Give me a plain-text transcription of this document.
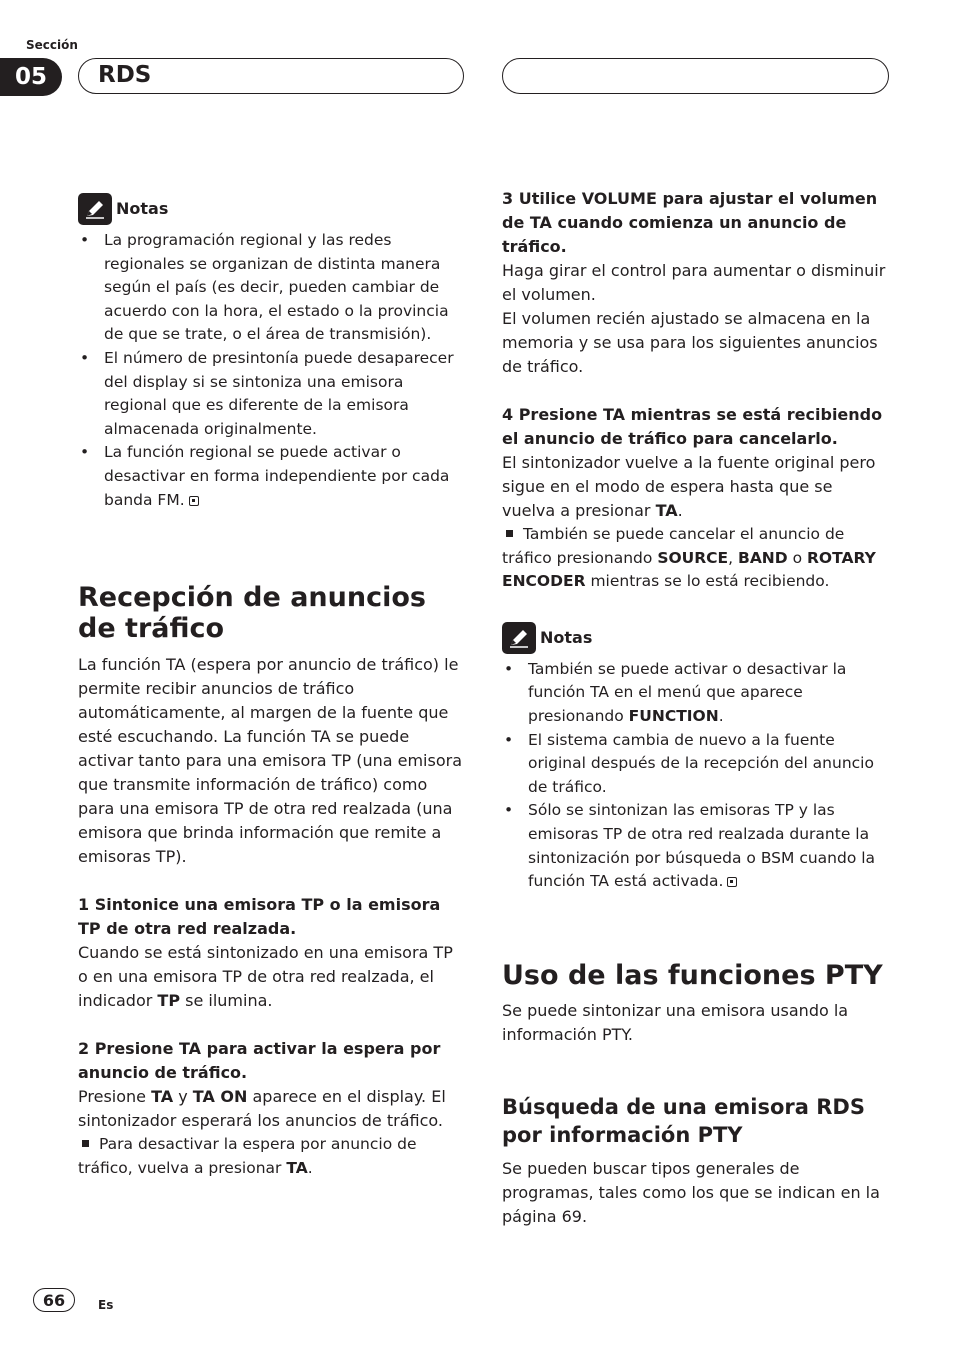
Sección
05	RDS
Notas
• La programación regional y las redes regionales se organizan de distinta manera según el país (es decir, pueden cambiar de acuerdo con la hora, el estado o la provincia de que se trate, o el área de transmisión).
• El número de presintonía puede desaparecer del display si se sintoniza una emisora regional que es diferente de la emisora almacenada originalmente.
• La función regional se puede activar o desactivar en forma independiente por cada banda FM.
Recepción de anuncios de tráfico

La función TA (espera por anuncio de tráfico) le permite recibir anuncios de tráfico automáticamente, al margen de la fuente que esté escuchando. La función TA se puede activar tanto para una emisora TP (una emisora que transmite información de tráfico) como para una emisora TP de otra red realzada (una emisora que brinda información que remite a emisoras TP).

1 Sintonice una emisora TP o la emisora TP de otra red realzada.

Cuando se está sintonizado en una emisora TP o en una emisora TP de otra red realzada, el indicador TP se ilumina.

2 Presione TA para activar la espera por anuncio de tráfico.

Presione TA y TA ON aparece en el display. El sintonizador esperará los anuncios de tráfico.

Para desactivar la espera por anuncio de tráfico, vuelva a presionar TA.

3 Utilice VOLUME para ajustar el volumen de TA cuando comienza un anuncio de tráfico.

Haga girar el control para aumentar o disminuir el volumen.

El volumen recién ajustado se almacena en la memoria y se usa para los siguientes anuncios de tráfico.

4 Presione TA mientras se está recibiendo el anuncio de tráfico para cancelarlo.

El sintonizador vuelve a la fuente original pero sigue en el modo de espera hasta que se vuelva a presionar TA.

También se puede cancelar el anuncio de tráfico presionando SOURCE, BAND o ROTARY ENCODER mientras se lo está recibiendo.

Notas
• También se puede activar o desactivar la función TA en el menú que aparece presionando FUNCTION.
• El sistema cambia de nuevo a la fuente original después de la recepción del anuncio de tráfico.
• Sólo se sintonizan las emisoras TP y las emisoras TP de otra red realzada durante la sintonización por búsqueda o BSM cuando la función TA está activada.
Uso de las funciones PTY

Se puede sintonizar una emisora usando la información PTY.

Búsqueda de una emisora RDS por información PTY

Se pueden buscar tipos generales de programas, tales como los que se indican en la página 69.

66	Es
